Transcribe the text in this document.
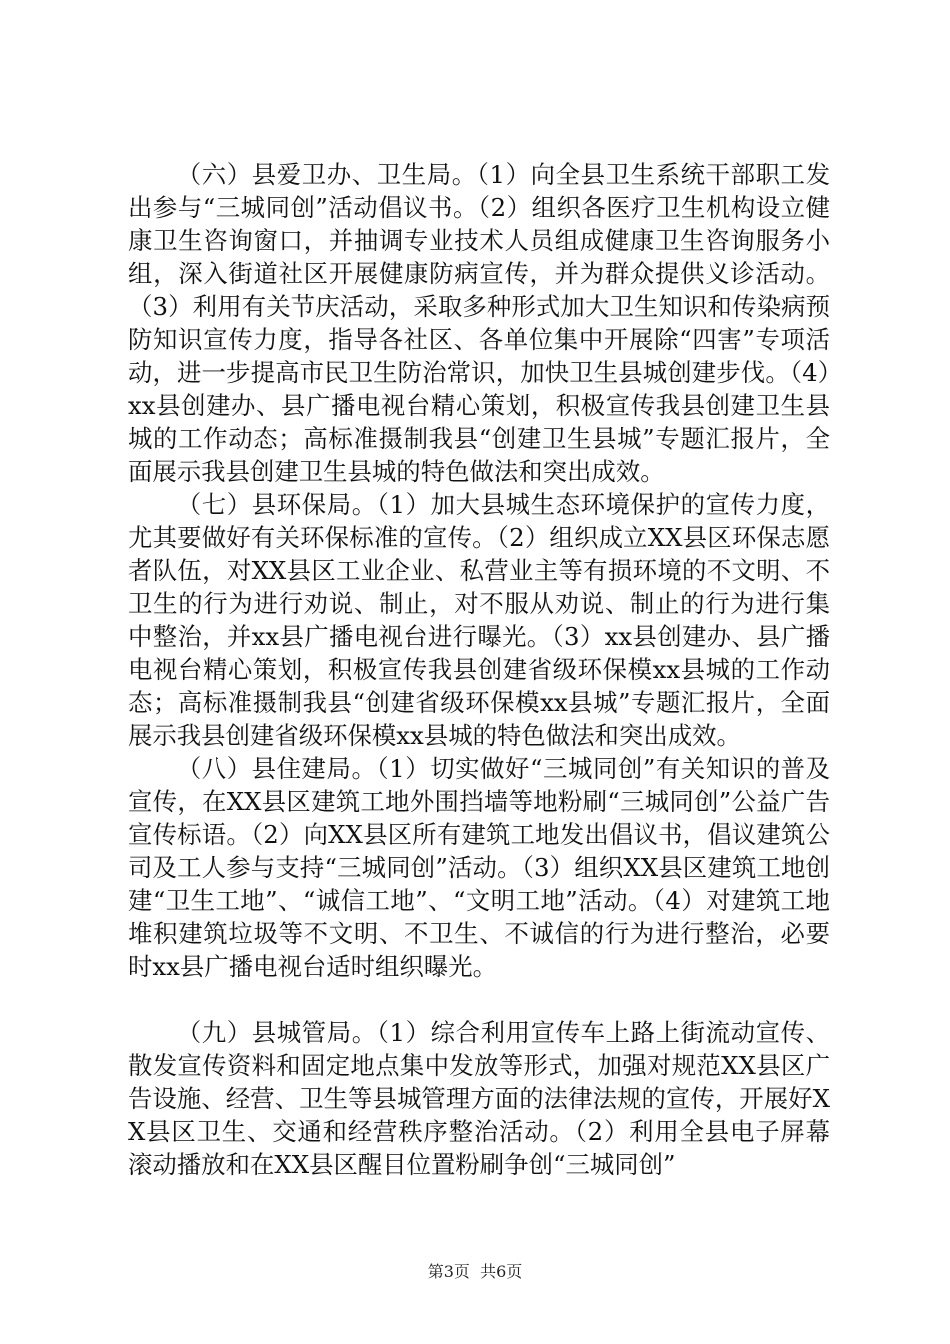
（六）县爱卫办、卫生局。（1）向全县卫生系统干部职工发出参与“三城同创”活动倡议书。（2）组织各医疗卫生机构设立健康卫生咨询窗口，并抽调专业技术人员组成健康卫生咨询服务小组，深入街道社区开展健康防病宣传，并为群众提供义诊活动。（3）利用有关节庆活动，采取多种形式加大卫生知识和传染病预防知识宣传力度，指导各社区、各单位集中开展除“四害”专项活动，进一步提高市民卫生防治常识，加快卫生县城创建步伐。（4）xx县创建办、县广播电视台精心策划，积极宣传我县创建卫生县城的工作动态；高标准摄制我县“创建卫生县城”专题汇报片，全面展示我县创建卫生县城的特色做法和突出成效。

（七）县环保局。（1）加大县城生态环境保护的宣传力度，尤其要做好有关环保标准的宣传。（2）组织成立XX县区环保志愿者队伍，对XX县区工业企业、私营业主等有损环境的不文明、不卫生的行为进行劝说、制止，对不服从劝说、制止的行为进行集中整治，并xx县广播电视台进行曝光。（3）xx县创建办、县广播电视台精心策划，积极宣传我县创建省级环保模xx县城的工作动态；高标准摄制我县“创建省级环保模xx县城”专题汇报片，全面展示我县创建省级环保模xx县城的特色做法和突出成效。

（八）县住建局。（1）切实做好“三城同创”有关知识的普及宣传，在XX县区建筑工地外围挡墙等地粉刷“三城同创”公益广告宣传标语。（2）向XX县区所有建筑工地发出倡议书，倡议建筑公司及工人参与支持“三城同创”活动。（3）组织XX县区建筑工地创建“卫生工地”、“诚信工地”、“文明工地”活动。（4）对建筑工地堆积建筑垃圾等不文明、不卫生、不诚信的行为进行整治，必要时xx县广播电视台适时组织曝光。

（九）县城管局。（1）综合利用宣传车上路上街流动宣传、散发宣传资料和固定地点集中发放等形式，加强对规范XX县区广告设施、经营、卫生等县城管理方面的法律法规的宣传，开展好XX县区卫生、交通和经营秩序整治活动。（2）利用全县电子屏幕滚动播放和在XX县区醒目位置粉刷争创“三城同创”

第3页 共6页
